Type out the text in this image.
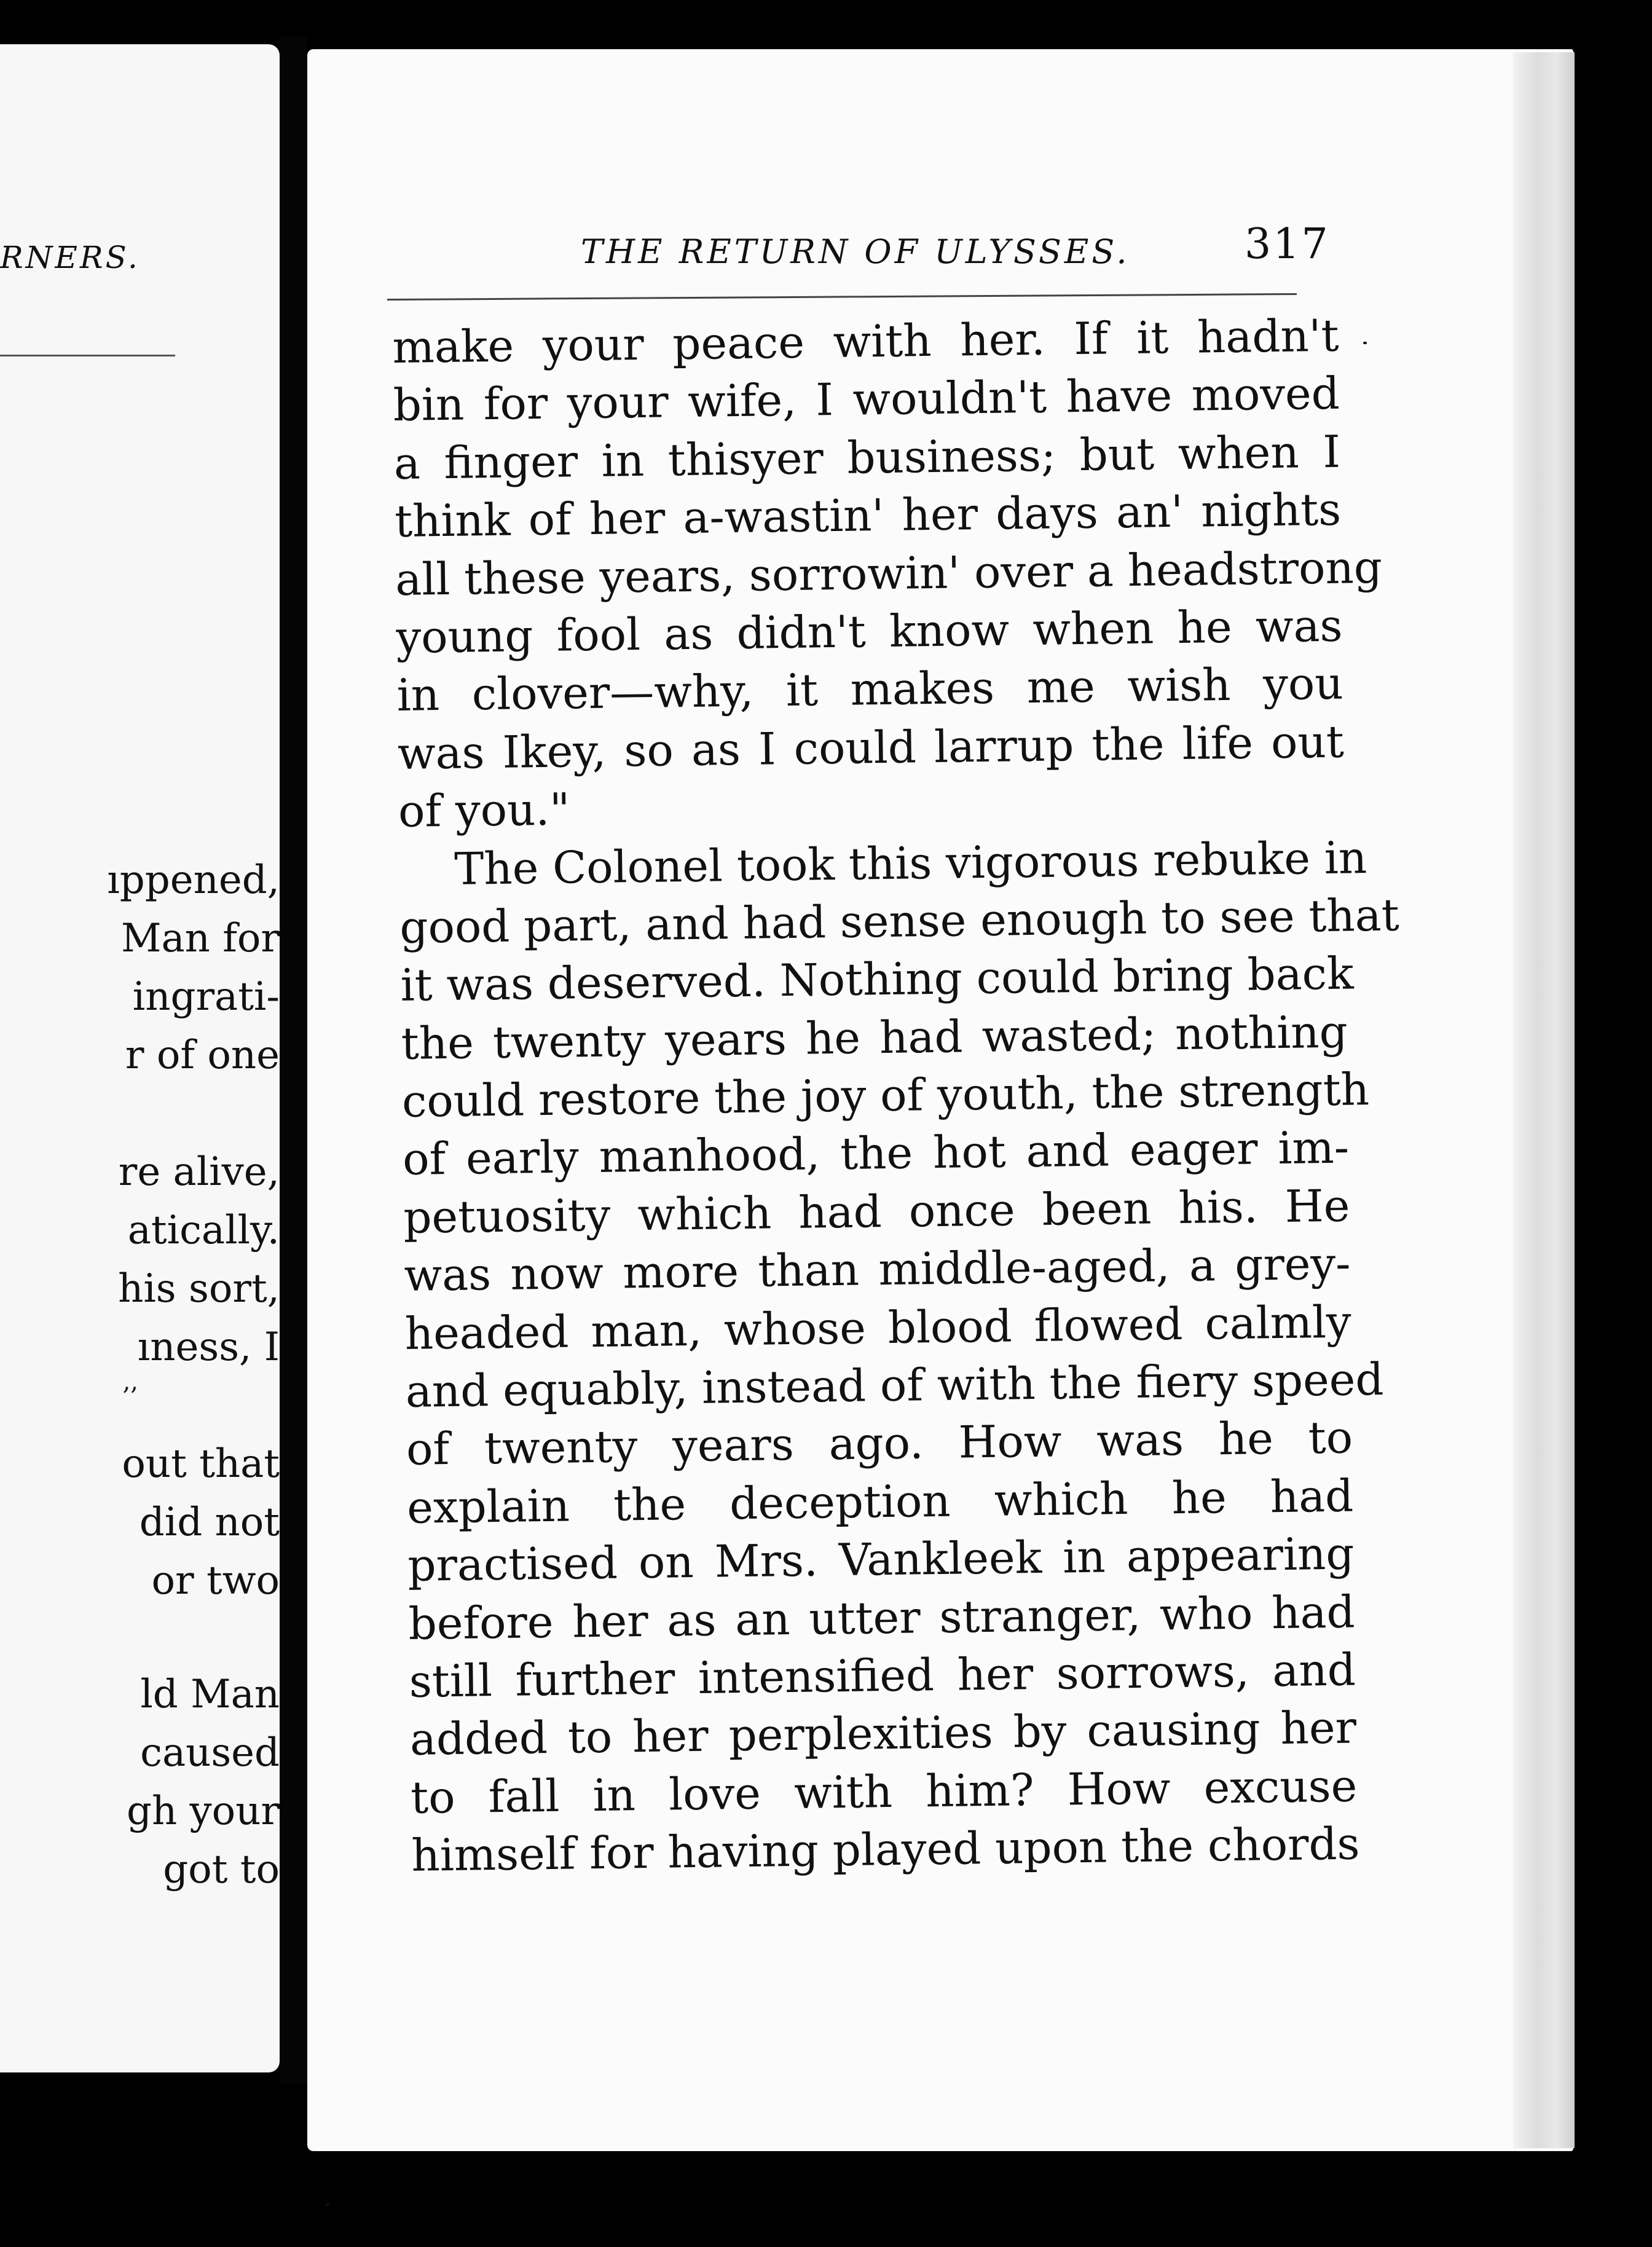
RNERS.
ıppened,
Man for
ingrati-
r of one
re alive,
atically.
his sort,
ıness, I
,,
out that
did not
or two
ld Man
caused
gh your
got to
THE RETURN OF ULYSSES.	317
make your peace with her. If it hadn't
bin for your wife, I wouldn't have moved
a finger in thisyer business; but when I
think of her a-wastin' her days an' nights
all these years, sorrowin' over a headstrong
young fool as didn't know when he was
in clover—why, it makes me wish you
was Ikey, so as I could larrup the life out
of you."
The Colonel took this vigorous rebuke in
good part, and had sense enough to see that
it was deserved. Nothing could bring back
the twenty years he had wasted; nothing
could restore the joy of youth, the strength
of early manhood, the hot and eager im-
petuosity which had once been his. He
was now more than middle-aged, a grey-
headed man, whose blood flowed calmly
and equably, instead of with the fiery speed
of twenty years ago. How was he to
explain the deception which he had
practised on Mrs. Vankleek in appearing
before her as an utter stranger, who had
still further intensified her sorrows, and
added to her perplexities by causing her
to fall in love with him? How excuse
himself for having played upon the chords
